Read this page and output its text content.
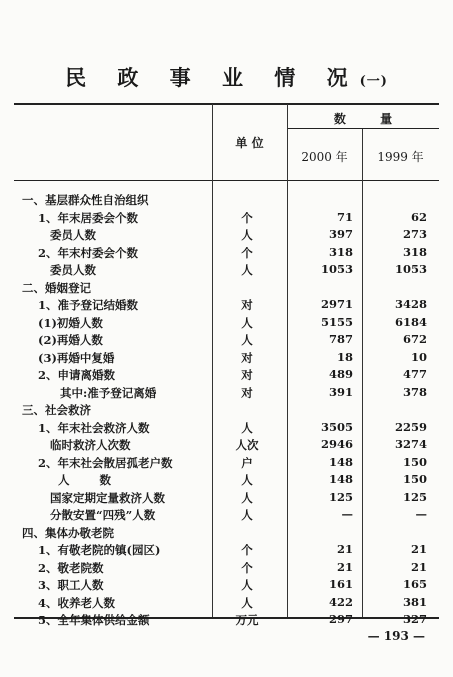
民 政 事 业 情 况(一)
单 位
数 量
2000 年	1999 年
一、基层群众性自治组织
1、年末居委会个数	个	71	62
委员人数	人	397	273
2、年末村委会个数	个	318	318
委员人数	人	1053	1053
二、婚姻登记
1、准予登记结婚数	对	2971	3428
(1)初婚人数	人	5155	6184
(2)再婚人数	人	787	672
(3)再婚中复婚	对	18	10
2、申请离婚数	对	489	477
其中:准予登记离婚	对	391	378
三、社会救济
1、年末社会救济人数	人	3505	2259
临时救济人次数	人次	2946	3274
2、年末社会散居孤老户数	户	148	150
人 数	人	148	150
国家定期定量救济人数	人	125	125
分散安置“四残”人数	人	—	—
四、集体办敬老院
1、有敬老院的镇(园区)	个	21	21
2、敬老院数	个	21	21
3、职工人数	人	161	165
4、收养老人数	人	422	381
5、全年集体供给金额	万元	297	327
— 193 —
